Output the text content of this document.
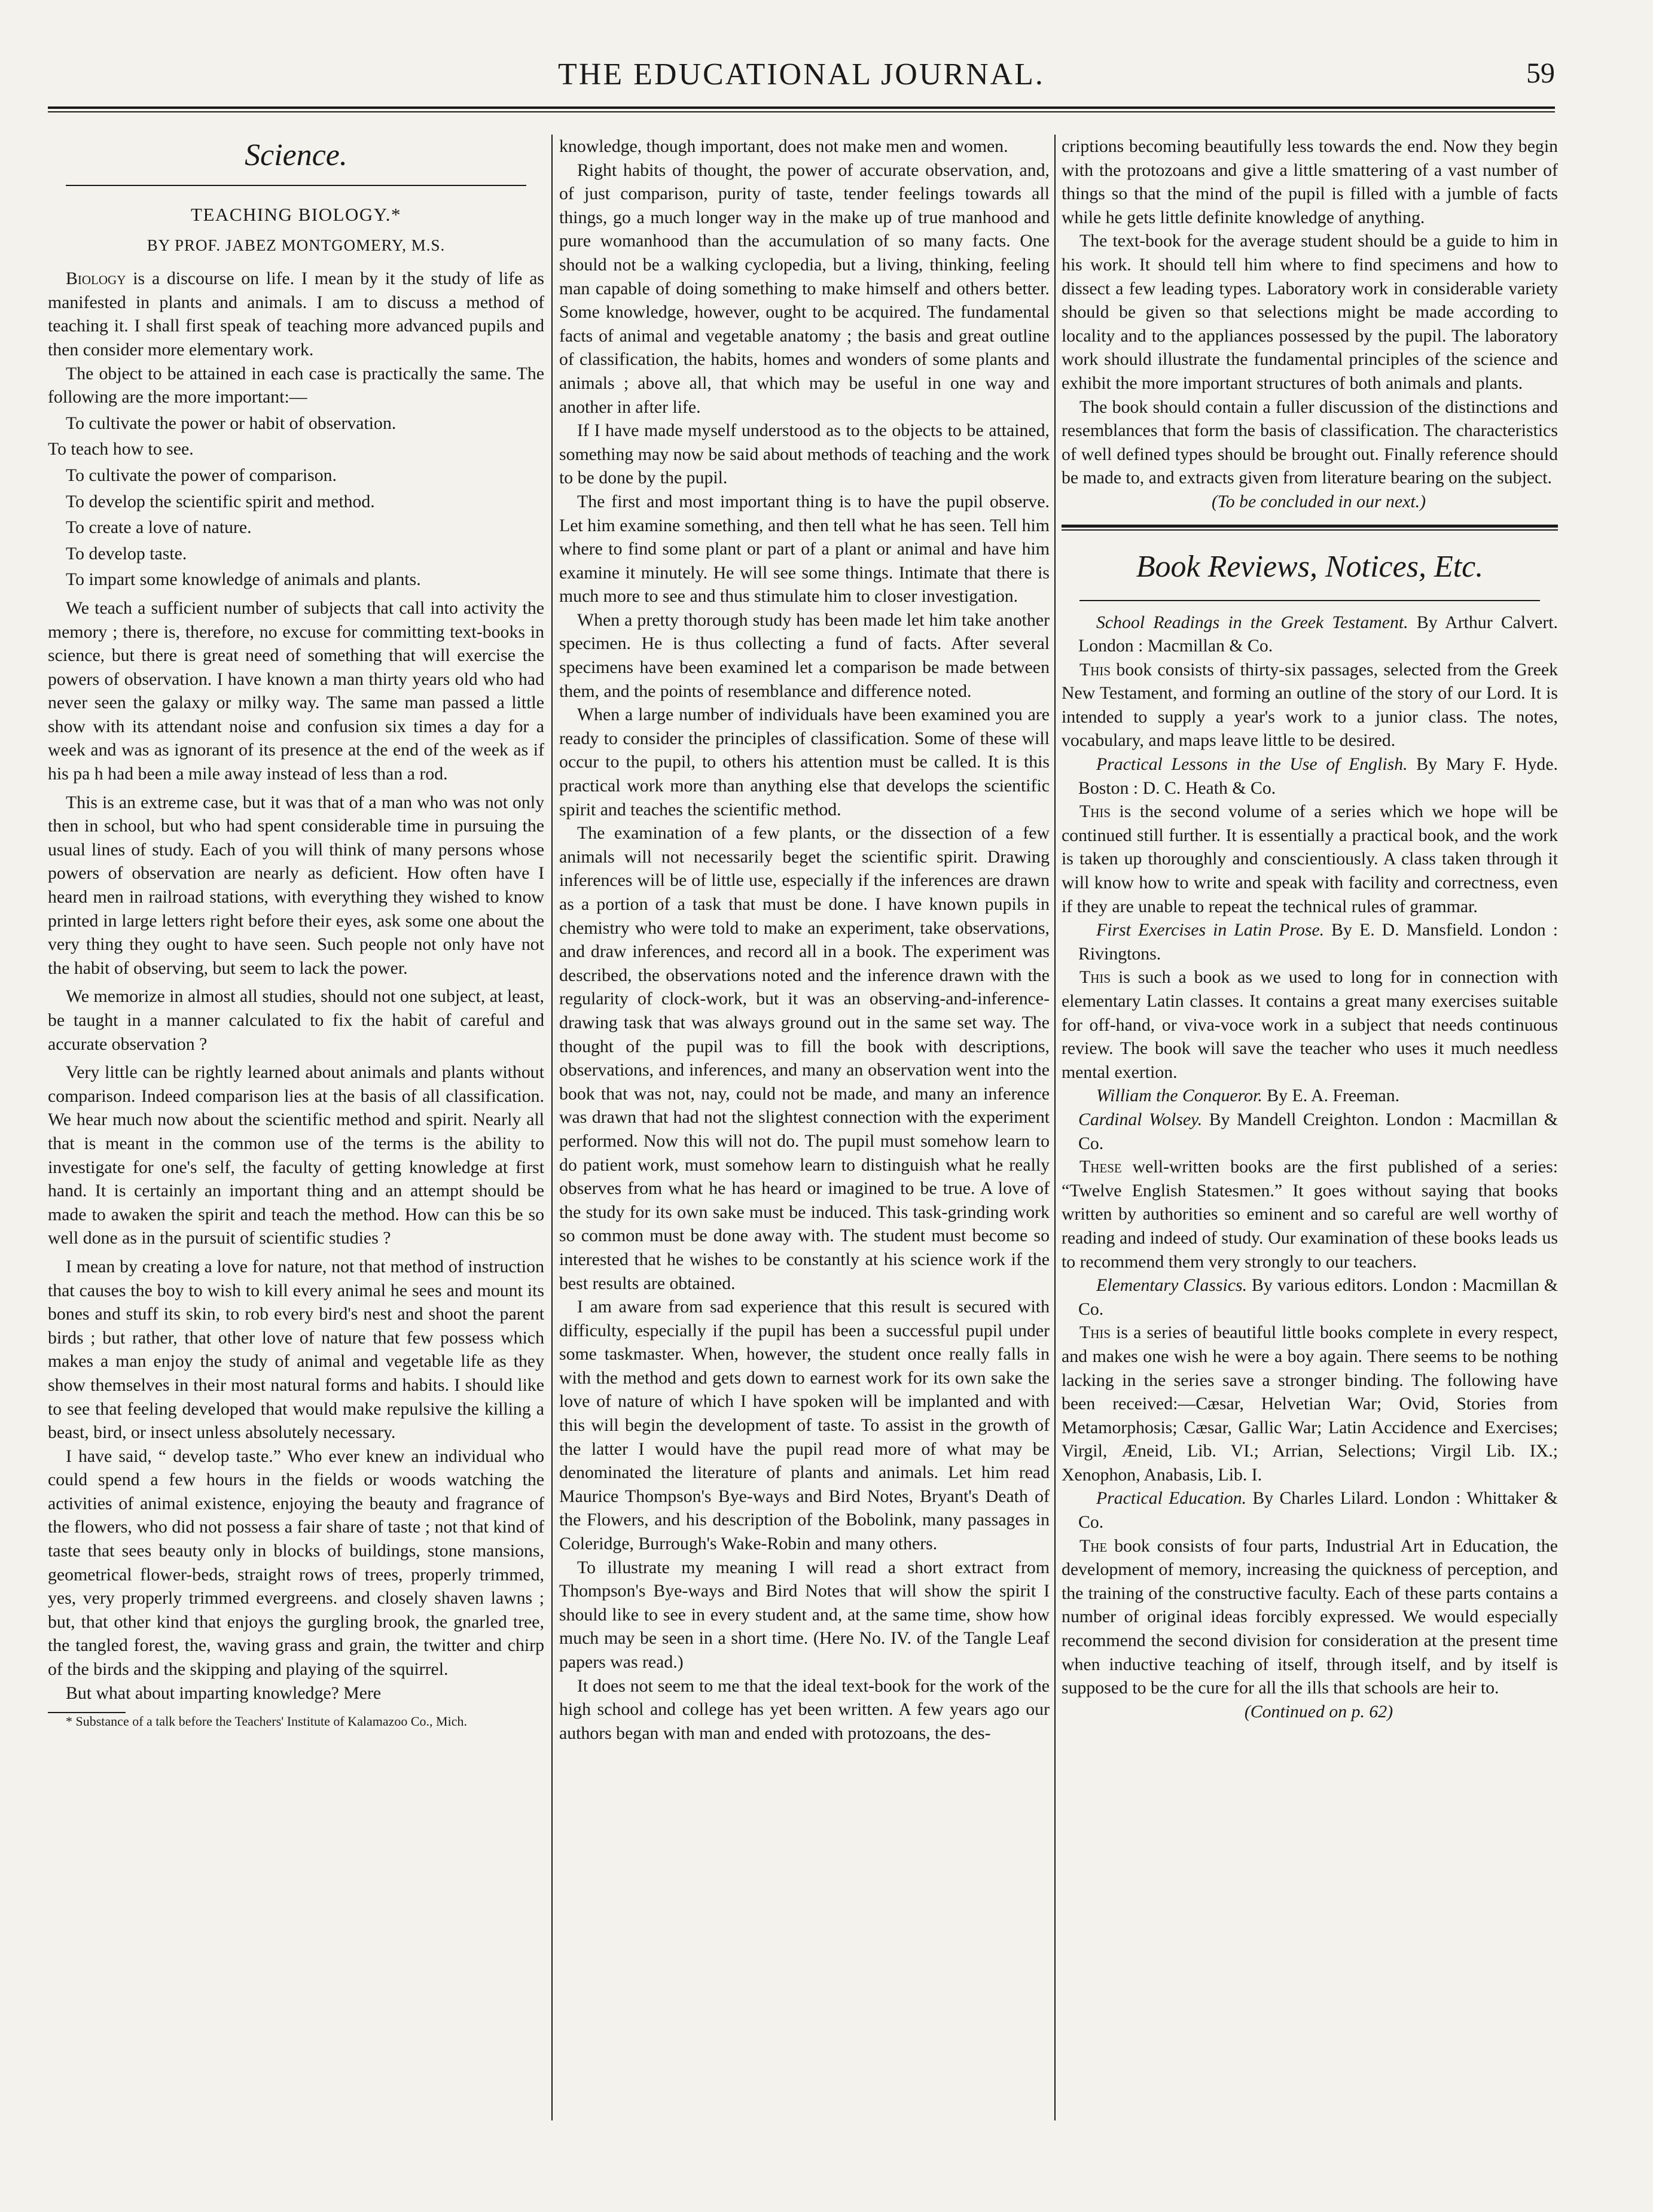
THE EDUCATIONAL JOURNAL.	59
Science.
TEACHING BIOLOGY.*
BY PROF. JABEZ MONTGOMERY, M.S.

Biology is a discourse on life. I mean by it the study of life as manifested in plants and animals. I am to discuss a method of teaching it. I shall first speak of teaching more advanced pupils and then consider more elementary work.

The object to be attained in each case is practically the same. The following are the more important:—

To cultivate the power or habit of observation.

To teach how to see.

To cultivate the power of comparison.

To develop the scientific spirit and method.

To create a love of nature.

To develop taste.

To impart some knowledge of animals and plants.

We teach a sufficient number of subjects that call into activity the memory ; there is, therefore, no excuse for committing text-books in science, but there is great need of something that will exercise the powers of observation. I have known a man thirty years old who had never seen the galaxy or milky way. The same man passed a little show with its attendant noise and confusion six times a day for a week and was as ignorant of its presence at the end of the week as if his pa h had been a mile away instead of less than a rod.

This is an extreme case, but it was that of a man who was not only then in school, but who had spent considerable time in pursuing the usual lines of study. Each of you will think of many persons whose powers of observation are nearly as deficient. How often have I heard men in railroad stations, with everything they wished to know printed in large letters right before their eyes, ask some one about the very thing they ought to have seen. Such people not only have not the habit of observing, but seem to lack the power.

We memorize in almost all studies, should not one subject, at least, be taught in a manner calculated to fix the habit of careful and accurate observation ?

Very little can be rightly learned about animals and plants without comparison. Indeed comparison lies at the basis of all classification. We hear much now about the scientific method and spirit. Nearly all that is meant in the common use of the terms is the ability to investigate for one's self, the faculty of getting knowledge at first hand. It is certainly an important thing and an attempt should be made to awaken the spirit and teach the method. How can this be so well done as in the pursuit of scientific studies ?

I mean by creating a love for nature, not that method of instruction that causes the boy to wish to kill every animal he sees and mount its bones and stuff its skin, to rob every bird's nest and shoot the parent birds ; but rather, that other love of nature that few possess which makes a man enjoy the study of animal and vegetable life as they show themselves in their most natural forms and habits. I should like to see that feeling developed that would make repulsive the killing a beast, bird, or insect unless absolutely necessary.

I have said, “ develop taste.” Who ever knew an individual who could spend a few hours in the fields or woods watching the activities of animal existence, enjoying the beauty and fragrance of the flowers, who did not possess a fair share of taste ; not that kind of taste that sees beauty only in blocks of buildings, stone mansions, geometrical flower-beds, straight rows of trees, properly trimmed, yes, very properly trimmed evergreens. and closely shaven lawns ; but, that other kind that enjoys the gurgling brook, the gnarled tree, the tangled forest, the, waving grass and grain, the twitter and chirp of the birds and the skipping and playing of the squirrel.

But what about imparting knowledge? Mere

* Substance of a talk before the Teachers' Institute of Kalamazoo Co., Mich.

knowledge, though important, does not make men and women.

Right habits of thought, the power of accurate observation, and, of just comparison, purity of taste, tender feelings towards all things, go a much longer way in the make up of true manhood and pure womanhood than the accumulation of so many facts. One should not be a walking cyclopedia, but a living, thinking, feeling man capable of doing something to make himself and others better. Some knowledge, however, ought to be acquired. The fundamental facts of animal and vegetable anatomy ; the basis and great outline of classification, the habits, homes and wonders of some plants and animals ; above all, that which may be useful in one way and another in after life.

If I have made myself understood as to the objects to be attained, something may now be said about methods of teaching and the work to be done by the pupil.

The first and most important thing is to have the pupil observe. Let him examine something, and then tell what he has seen. Tell him where to find some plant or part of a plant or animal and have him examine it minutely. He will see some things. Intimate that there is much more to see and thus stimulate him to closer investigation.

When a pretty thorough study has been made let him take another specimen. He is thus collecting a fund of facts. After several specimens have been examined let a comparison be made between them, and the points of resemblance and difference noted.

When a large number of individuals have been examined you are ready to consider the principles of classification. Some of these will occur to the pupil, to others his attention must be called. It is this practical work more than anything else that develops the scientific spirit and teaches the scientific method.

The examination of a few plants, or the dissection of a few animals will not necessarily beget the scientific spirit. Drawing inferences will be of little use, especially if the inferences are drawn as a portion of a task that must be done. I have known pupils in chemistry who were told to make an experiment, take observations, and draw inferences, and record all in a book. The experiment was described, the observations noted and the inference drawn with the regularity of clock-work, but it was an observing-and-inference-drawing task that was always ground out in the same set way. The thought of the pupil was to fill the book with descriptions, observations, and inferences, and many an observation went into the book that was not, nay, could not be made, and many an inference was drawn that had not the slightest connection with the experiment performed. Now this will not do. The pupil must somehow learn to do patient work, must somehow learn to distinguish what he really observes from what he has heard or imagined to be true. A love of the study for its own sake must be induced. This task-grinding work so common must be done away with. The student must become so interested that he wishes to be constantly at his science work if the best results are obtained.

I am aware from sad experience that this result is secured with difficulty, especially if the pupil has been a successful pupil under some taskmaster. When, however, the student once really falls in with the method and gets down to earnest work for its own sake the love of nature of which I have spoken will be implanted and with this will begin the development of taste. To assist in the growth of the latter I would have the pupil read more of what may be denominated the literature of plants and animals. Let him read Maurice Thompson's Bye-ways and Bird Notes, Bryant's Death of the Flowers, and his description of the Bobolink, many passages in Coleridge, Burrough's Wake-Robin and many others.

To illustrate my meaning I will read a short extract from Thompson's Bye-ways and Bird Notes that will show the spirit I should like to see in every student and, at the same time, show how much may be seen in a short time. (Here No. IV. of the Tangle Leaf papers was read.)

It does not seem to me that the ideal text-book for the work of the high school and college has yet been written. A few years ago our authors began with man and ended with protozoans, the des-

criptions becoming beautifully less towards the end. Now they begin with the protozoans and give a little smattering of a vast number of things so that the mind of the pupil is filled with a jumble of facts while he gets little definite knowledge of anything.

The text-book for the average student should be a guide to him in his work. It should tell him where to find specimens and how to dissect a few leading types. Laboratory work in considerable variety should be given so that selections might be made according to locality and to the appliances possessed by the pupil. The laboratory work should illustrate the fundamental principles of the science and exhibit the more important structures of both animals and plants.

The book should contain a fuller discussion of the distinctions and resemblances that form the basis of classification. The characteristics of well defined types should be brought out. Finally reference should be made to, and extracts given from literature bearing on the subject.

(To be concluded in our next.)

Book Reviews, Notices, Etc.

School Readings in the Greek Testament. By Arthur Calvert. London : Macmillan & Co.

This book consists of thirty-six passages, selected from the Greek New Testament, and forming an outline of the story of our Lord. It is intended to supply a year's work to a junior class. The notes, vocabulary, and maps leave little to be desired.

Practical Lessons in the Use of English. By Mary F. Hyde. Boston : D. C. Heath & Co.

This is the second volume of a series which we hope will be continued still further. It is essentially a practical book, and the work is taken up thoroughly and conscientiously. A class taken through it will know how to write and speak with facility and correctness, even if they are unable to repeat the technical rules of grammar.

First Exercises in Latin Prose. By E. D. Mansfield. London : Rivingtons.

This is such a book as we used to long for in connection with elementary Latin classes. It contains a great many exercises suitable for off-hand, or viva-voce work in a subject that needs continuous review. The book will save the teacher who uses it much needless mental exertion.

William the Conqueror. By E. A. Freeman.
Cardinal Wolsey. By Mandell Creighton. London : Macmillan & Co.

These well-written books are the first published of a series: “Twelve English Statesmen.” It goes without saying that books written by authorities so eminent and so careful are well worthy of reading and indeed of study. Our examination of these books leads us to recommend them very strongly to our teachers.

Elementary Classics. By various editors. London : Macmillan & Co.

This is a series of beautiful little books complete in every respect, and makes one wish he were a boy again. There seems to be nothing lacking in the series save a stronger binding. The following have been received:—Cæsar, Helvetian War; Ovid, Stories from Metamorphosis; Cæsar, Gallic War; Latin Accidence and Exercises; Virgil, Æneid, Lib. VI.; Arrian, Selections; Virgil Lib. IX.; Xenophon, Anabasis, Lib. I.

Practical Education. By Charles Lilard. London : Whittaker & Co.

The book consists of four parts, Industrial Art in Education, the development of memory, increasing the quickness of perception, and the training of the constructive faculty. Each of these parts contains a number of original ideas forcibly expressed. We would especially recommend the second division for consideration at the present time when inductive teaching of itself, through itself, and by itself is supposed to be the cure for all the ills that schools are heir to.

(Continued on p. 62)
